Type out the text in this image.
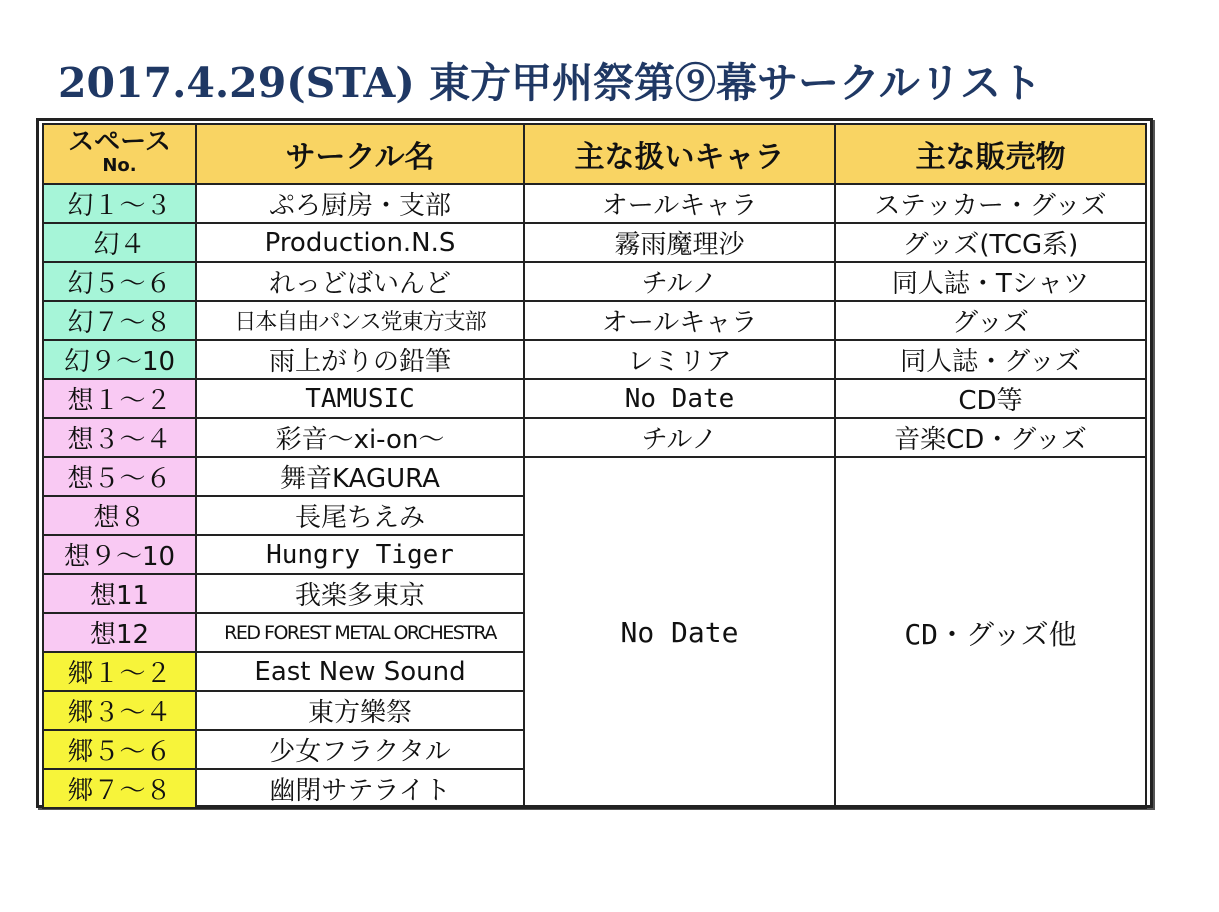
2017.4.29(STA) 東方甲州祭第⑨幕サークルリスト
スペース
No.	サークル名	主な扱いキャラ	主な販売物
幻１～３	ぷろ厨房・支部	オールキャラ	ステッカー・グッズ
幻４	Production.N.S	霧雨魔理沙	グッズ(TCG系)
幻５～６	れっどばいんど	チルノ	同人誌・Tシャツ
幻７～８	日本自由パンス党東方支部	オールキャラ	グッズ
幻９～10	雨上がりの鉛筆	レミリア	同人誌・グッズ
想１～２	TAMUSIC	No Date	CD等
想３～４	彩音～xi-on～	チルノ	音楽CD・グッズ
想５～６	舞音KAGURA	No Date	CD・グッズ他
想８	長尾ちえみ		
想９～10	Hungry Tiger		
想11	我楽多東京		
想12	RED FOREST METAL ORCHESTRA		
郷１～２	East New Sound		
郷３～４	東方樂祭		
郷５～６	少女フラクタル		
郷７～８	幽閉サテライト		
